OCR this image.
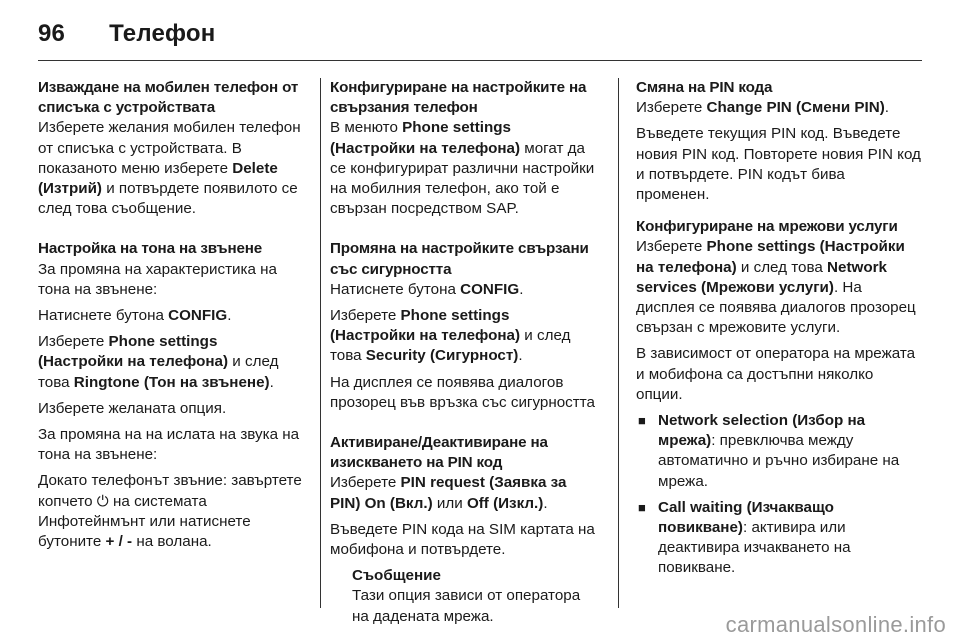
96 Телефон
Изваждане на мобилен телефон от списъка с устройствата

Изберете желания мобилен телефон от списъка с устройствата. В показаното меню изберете Delete (Изтрий) и потвърдете появилото се след това съобщение.

Настройка на тона на звънене

За промяна на характеристика на тона на звънене:

Натиснете бутона CONFIG.

Изберете Phone settings (Настройки на телефона) и след това Ringtone (Тон на звънене).

Изберете желаната опция.

За промяна на на ислата на звука на тона на звънене:

Докато телефонът звъние: завъртете копчето ⏻ на системата Инфотейнмънт или натиснете бутоните + / - на волана.

Конфигуриране на настройките на свързания телефон

В менюто Phone settings (Настройки на телефона) могат да се конфигурират различни настройки на мобилния телефон, ако той е свързан посредством SAP.

Промяна на настройките свързани със сигурността

Натиснете бутона CONFIG.

Изберете Phone settings (Настройки на телефона) и след това Security (Сигурност).

На дисплея се появява диалогов прозорец във връзка със сигурността

Активиране/Деактивиране на изискването на PIN код

Изберете PIN request (Заявка за PIN) On (Вкл.) или Off (Изкл.).

Въведете PIN кода на SIM картата на мобифона и потвърдете.

Съобщение
Тази опция зависи от оператора на дадената мрежа.
Смяна на PIN кода

Изберете Change PIN (Смени PIN).

Въведете текущия PIN код. Въведете новия PIN код. Повторете новия PIN код и потвърдете. PIN кодът бива променен.

Конфигуриране на мрежови услуги

Изберете Phone settings (Настройки на телефона) и след това Network services (Мрежови услуги). На дисплея се появява диалогов прозорец свързан с мрежовите услуги.

В зависимост от оператора на мрежата и мобифона са достъпни няколко опции.

■ Network selection (Избор на мрежа): превключва между автоматично и ръчно избиране на мрежа.
■ Call waiting (Изчакващо повикване): активира или деактивира изчакването на повикване.
carmanualsonline.info
